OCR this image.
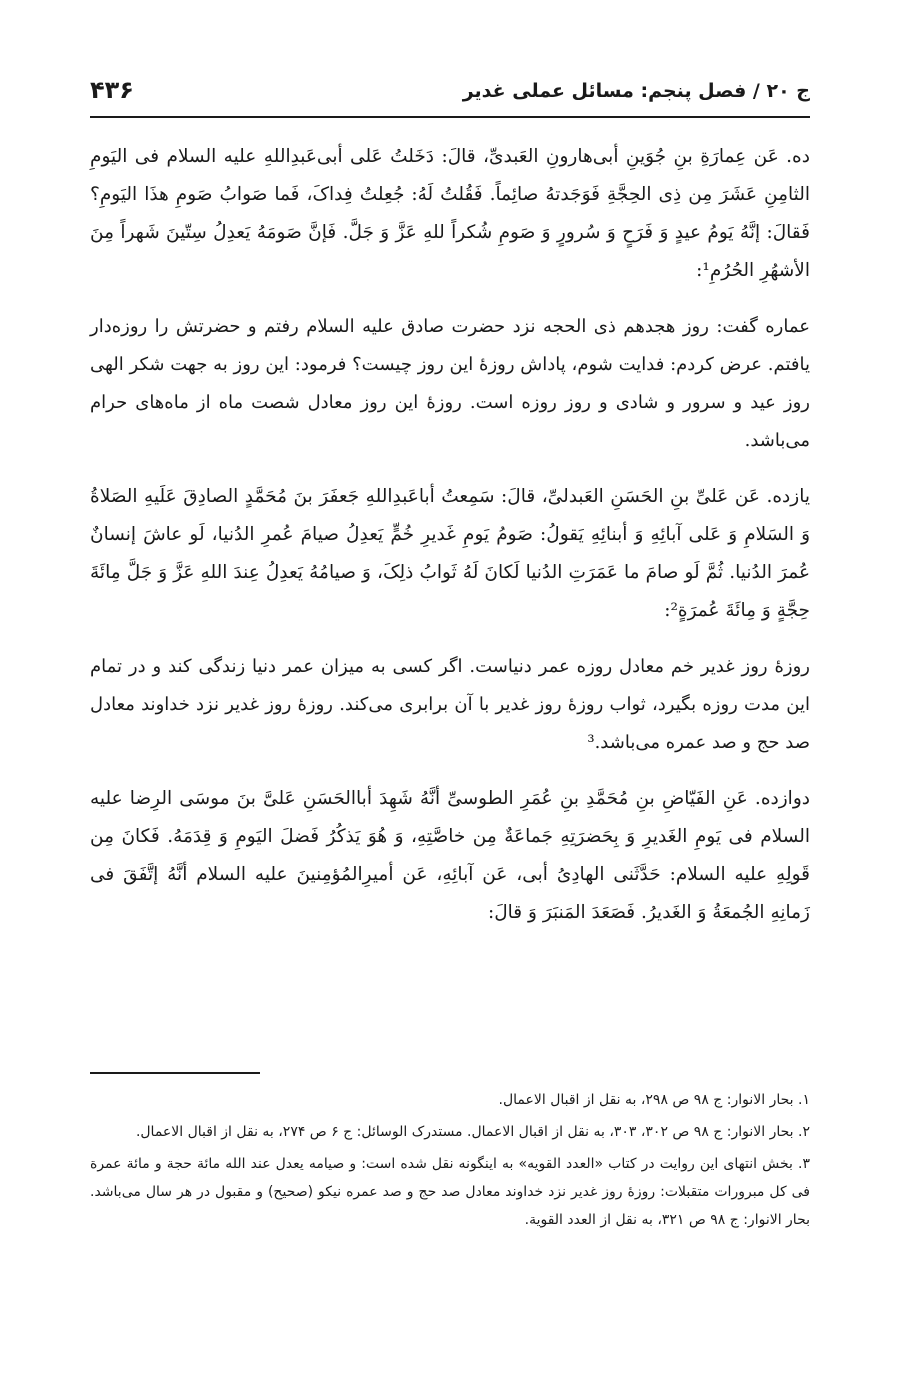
ج ۲۰ / فصل پنجم: مسائل عملی غدیر
۴۳۶

ده. عَن عِمارَةِ بنِ جُوَینِ أبی‌هارونِ العَبدیِّ، قالَ: دَخَلتُ عَلی أبی‌عَبدِاللهِ علیه السلام فی الیَومِ الثامِنِ عَشَرَ مِن ذِی الحِجَّةِ فَوَجَدتهُ صائِماً. فَقُلتُ لَهُ: جُعِلتُ فِداکَ، فَما صَوابُ صَومِ هذَا الیَومِ؟ فَقالَ: إنَّهُ یَومُ عیدٍ وَ فَرَحٍ وَ سُرورٍ وَ صَومِ شُکراً للهِ عَزَّ وَ جَلَّ. فَإنَّ صَومَهُ یَعدِلُ سِتّینَ شَهراً مِنَ الأشهُرِ الحُرُمِ¹:

عماره گفت: روز هجدهم ذی الحجه نزد حضرت صادق علیه السلام رفتم و حضرتش را روزه‌دار یافتم. عرض کردم: فدایت شوم، پاداش روزهٔ این روز چیست؟ فرمود: این روز به جهت شکر الهی روز عید و سرور و شادی و روز روزه است. روزهٔ این روز معادل شصت ماه از ماه‌های حرام می‌باشد.

یازده. عَن عَلیِّ بنِ الحَسَنِ العَبدلیِّ، قالَ: سَمِعتُ أباعَبدِاللهِ جَعفَرَ بنَ مُحَمَّدٍ الصادِقَ عَلَیهِ الصَلاةُ وَ السَلامِ وَ عَلی آبائِهِ وَ أبنائِهِ یَقولُ: صَومُ یَومِ غَدیرِ خُمٍّ یَعدِلُ صیامَ عُمرِ الدُنیا، لَو عاشَ إنسانٌ عُمرَ الدُنیا. ثُمَّ لَو صامَ ما عَمَرَتِ الدُنیا لَکانَ لَهُ ثَوابُ ذلِکَ، وَ صیامُهُ یَعدِلُ عِندَ اللهِ عَزَّ وَ جَلَّ مِائَةَ حِجَّةٍ وَ مِائَةَ عُمرَةٍ²:

روزهٔ روز غدیر خم معادل روزه عمر دنیاست. اگر کسی به میزان عمر دنیا زندگی کند و در تمام این مدت روزه بگیرد، ثواب روزهٔ روز غدیر با آن برابری می‌کند. روزهٔ روز غدیر نزد خداوند معادل صد حج و صد عمره می‌باشد.³

دوازده. عَنِ الفَیّاضِ بنِ مُحَمَّدِ بنِ عُمَرِ الطوسیِّ أنَّهُ شَهِدَ أباالحَسَنِ عَلیَّ بنَ موسَی الرِضا علیه السلام فی یَومِ الغَدیرِ وَ بِحَضرَتِهِ جَماعَةٌ مِن خاصَّتِهِ، وَ هُوَ یَذکُرُ فَضلَ الیَومِ وَ قِدَمَهُ. فَکانَ مِن قَولِهِ علیه السلام: حَدَّثَنی الهادِیُ أبی، عَن آبائِهِ، عَن أمیرِالمُؤمِنینَ علیه السلام أنَّهُ إتَّفَقَ فی زَمانِهِ الجُمعَةُ وَ الغَدیرُ. فَصَعَدَ المَنبَرَ وَ قالَ:

۱. بحار الانوار: ج ۹۸ ص ۲۹۸، به نقل از اقبال الاعمال.

۲. بحار الانوار: ج ۹۸ ص ۳۰۲، ۳۰۳، به نقل از اقبال الاعمال. مستدرک الوسائل: ج ۶ ص ۲۷۴، به نقل از اقبال الاعمال.

۳. بخش انتهای این روایت در کتاب «العدد القویه» به اینگونه نقل شده است: و صیامه یعدل عند الله مائة حجة و مائة عمرة فی کل مبرورات متقبلات: روزهٔ روز غدیر نزد خداوند معادل صد حج و صد عمره نیکو (صحیح) و مقبول در هر سال می‌باشد. بحار الانوار: ج ۹۸ ص ۳۲۱، به نقل از العدد القویة.
